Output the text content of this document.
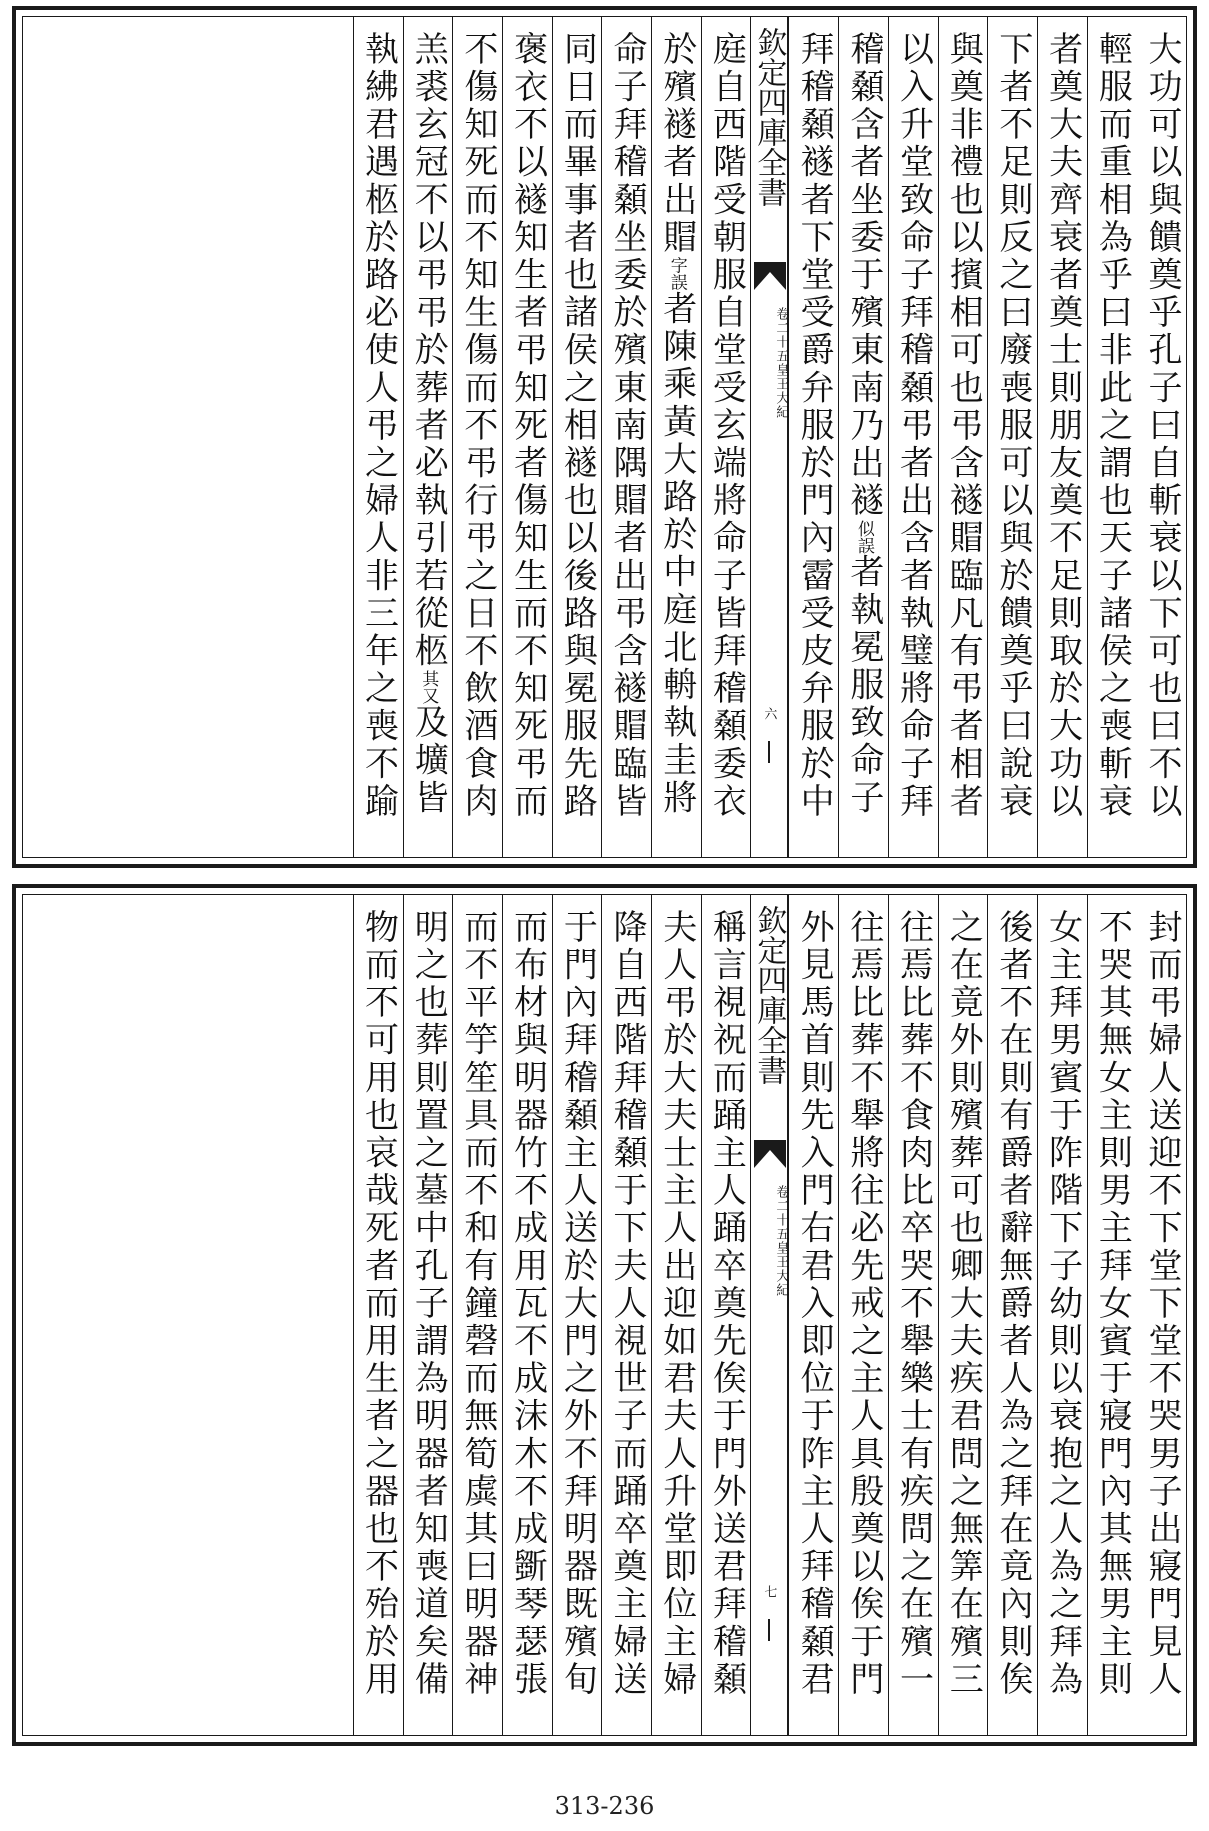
大功可以與饋奠乎孔子曰自斬衰以下可也曰不以
輕服而重相為乎曰非此之謂也天子諸侯之喪斬衰
者奠大夫齊衰者奠士則朋友奠不足則取於大功以
下者不足則反之曰廢喪服可以與於饋奠乎曰說衰
與奠非禮也以擯相可也弔含襚賵臨凡有弔者相者
以入升堂致命子拜稽顙弔者出含者執璧將命子拜
稽顙含者坐委于殯東南乃出襚似誤者執冕服致命子
拜稽顙襚者下堂受爵弁服於門內霤受皮弁服於中
欽定四庫全書
卷二十五
皇王大紀
六
庭自西階受朝服自堂受玄端將命子皆拜稽顙委衣
於殯襚者出賵字誤者陳乘黃大路於中庭北輈執圭將
命子拜稽顙坐委於殯東南隅賵者出弔含襚賵臨皆
同日而畢事者也諸侯之相襚也以後路與冕服先路
褒衣不以襚知生者弔知死者傷知生而不知死弔而
不傷知死而不知生傷而不弔行弔之日不飲酒食肉
羔裘玄冠不以弔弔於葬者必執引若從柩其又及壙皆
執紼君遇柩於路必使人弔之婦人非三年之喪不踰
封而弔婦人送迎不下堂下堂不哭男子出寢門見人
不哭其無女主則男主拜女賓于寢門內其無男主則
女主拜男賓于阼階下子幼則以衰抱之人為之拜為
後者不在則有爵者辭無爵者人為之拜在竟內則俟
之在竟外則殯葬可也卿大夫疾君問之無筭在殯三
往焉比葬不食肉比卒哭不舉樂士有疾問之在殯一
往焉比葬不舉將往必先戒之主人具殷奠以俟于門
外見馬首則先入門右君入即位于阼主人拜稽顙君
欽定四庫全書
卷二十五
皇王大紀
七
稱言視祝而踊主人踊卒奠先俟于門外送君拜稽顙
夫人弔於大夫士主人出迎如君夫人升堂即位主婦
降自西階拜稽顙于下夫人視世子而踊卒奠主婦送
于門內拜稽顙主人送於大門之外不拜明器既殯旬
而布材與明器竹不成用瓦不成沫木不成斵琴瑟張
而不平竽笙具而不和有鐘磬而無筍虡其曰明器神
明之也葬則置之墓中孔子謂為明器者知喪道矣備
物而不可用也哀哉死者而用生者之器也不殆於用
313-236
